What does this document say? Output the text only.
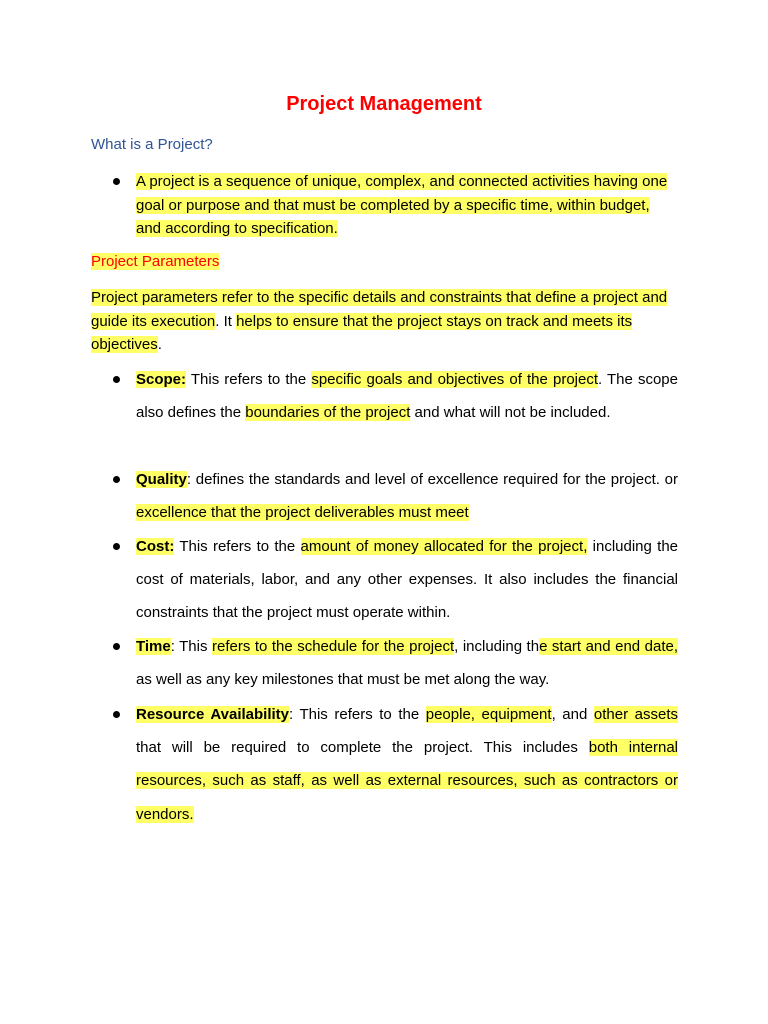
Project Management
What is a Project?
A project is a sequence of unique, complex, and connected activities having one goal or purpose and that must be completed by a specific time, within budget, and according to specification.
Project Parameters
Project parameters refer to the specific details and constraints that define a project and guide its execution. It helps to ensure that the project stays on track and meets its objectives.
Scope: This refers to the specific goals and objectives of the project. The scope also defines the boundaries of the project and what will not be included.
Quality: defines the standards and level of excellence required for the project. or excellence that the project deliverables must meet
Cost: This refers to the amount of money allocated for the project, including the cost of materials, labor, and any other expenses. It also includes the financial constraints that the project must operate within.
Time: This refers to the schedule for the project, including the start and end date, as well as any key milestones that must be met along the way.
Resource Availability: This refers to the people, equipment, and other assets that will be required to complete the project. This includes both internal resources, such as staff, as well as external resources, such as contractors or vendors.
